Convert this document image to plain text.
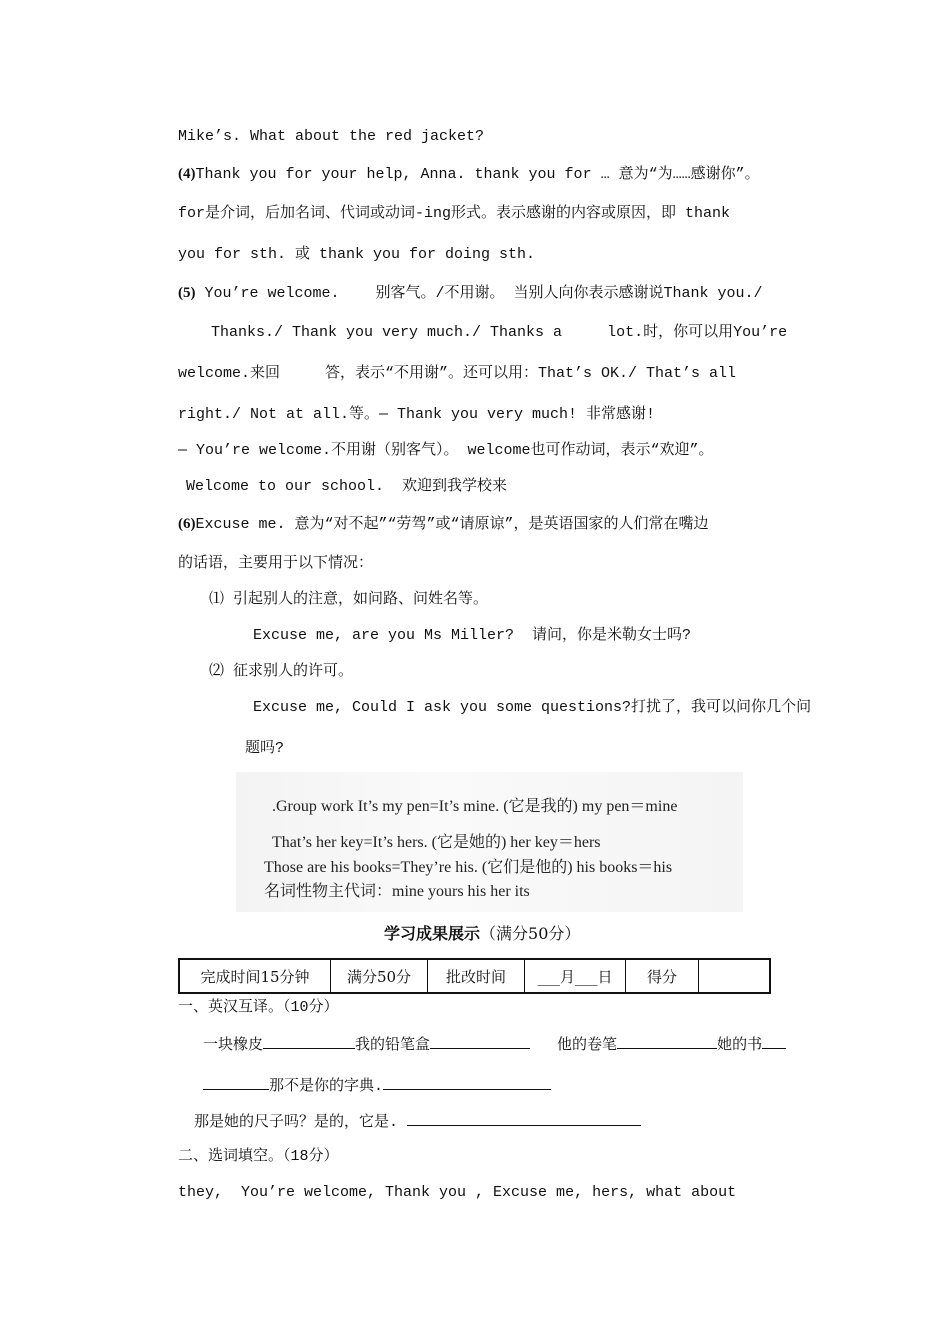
Mike’s. What about the red jacket?
(4)Thank you for your help, Anna. thank you for … 意为“为……感谢你”。
for是介词，后加名词、代词或动词-ing形式。表示感谢的内容或原因，即 thank
you for sth. 或 thank you for doing sth.
(5) You’re welcome.    别客气。/不用谢。 当别人向你表示感谢说Thank you./
Thanks./ Thank you very much./ Thanks a     lot.时，你可以用You’re
welcome.来回     答，表示“不用谢”。还可以用：That’s OK./ That’s all
right./ Not at all.等。— Thank you very much! 非常感谢!
— You’re welcome.不用谢（别客气）。 welcome也可作动词，表示“欢迎”。
Welcome to our school.  欢迎到我学校来
(6)Excuse me. 意为“对不起”“劳驾”或“请原谅”，是英语国家的人们常在嘴边
的话语，主要用于以下情况：
⑴ 引起别人的注意，如问路、问姓名等。
Excuse me, are you Ms Miller?  请问，你是米勒女士吗?
⑵ 征求别人的许可。
Excuse me, Could I ask you some questions?打扰了，我可以问你几个问
题吗?
.Group work It’s my pen=It’s mine. (它是我的) my pen＝mine
That’s her key=It’s hers. (它是她的) her key＝hers
Those are his books=They’re his. (它们是他的) his books＝his
名词性物主代词：mine yours his her its
学习成果展示（满分50分）
完成时间15分钟	满分50分	批改时间	___月___日	得分	
一、英汉互译。（10分）
一块橡皮	我的铅笔盒	他的卷笔	她的书
那不是你的字典.
那是她的尺子吗？是的，它是.
二、选词填空。（18分）
they,  You’re welcome, Thank you , Excuse me, hers, what about
